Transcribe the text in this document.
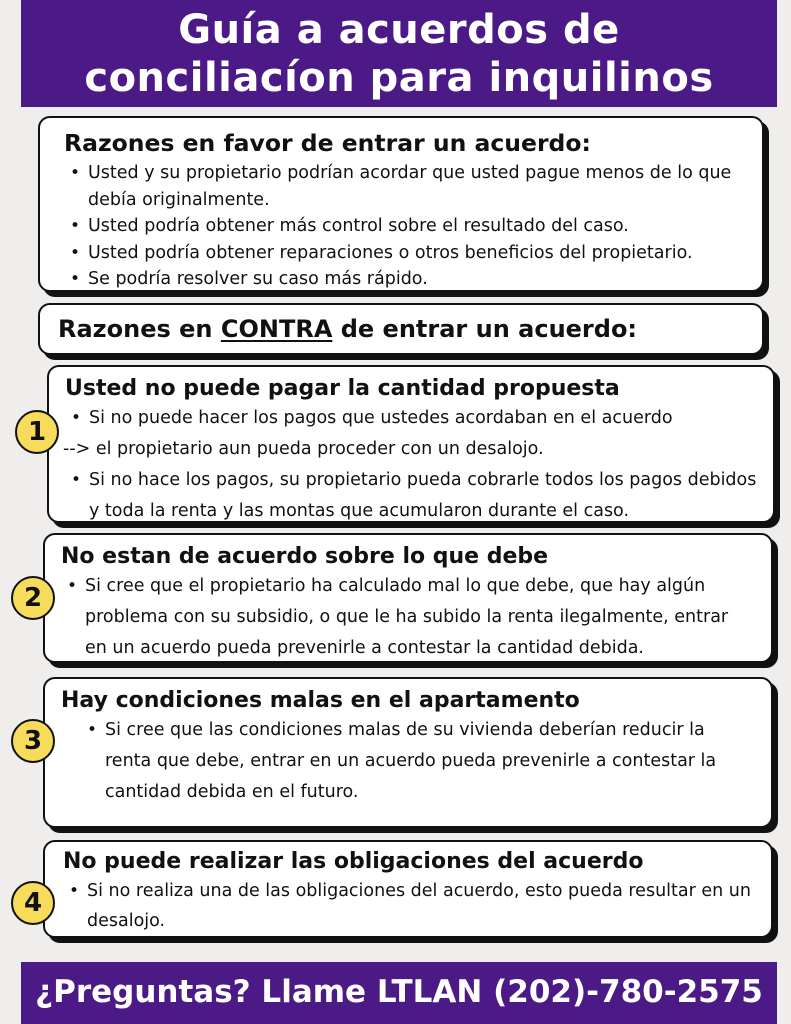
Guía a acuerdos de
conciliacíon para inquilinos
Razones en favor de entrar un acuerdo:
• Usted y su propietario podrían acordar que usted pague menos de lo que debía originalmente.
• Usted podría obtener más control sobre el resultado del caso.
• Usted podría obtener reparaciones o otros beneficios del propietario.
• Se podría resolver su caso más rápido.
Razones en CONTRA de entrar un acuerdo:
Usted no puede pagar la cantidad propuesta
• Si no puede hacer los pagos que ustedes acordaban en el acuerdo
--> el propietario aun pueda proceder con un desalojo.
• Si no hace los pagos, su propietario pueda cobrarle todos los pagos debidos y toda la renta y las montas que acumularon durante el caso.
1
No estan de acuerdo sobre lo que debe
• Si cree que el propietario ha calculado mal lo que debe, que hay algún problema con su subsidio, o que le ha subido la renta ilegalmente, entrar en un acuerdo pueda prevenirle a contestar la cantidad debida.
2
Hay condiciones malas en el apartamento
• Si cree que las condiciones malas de su vivienda deberían reducir la renta que debe, entrar en un acuerdo pueda prevenirle a contestar la cantidad debida en el futuro.
3
No puede realizar las obligaciones del acuerdo
• Si no realiza una de las obligaciones del acuerdo, esto pueda resultar en un desalojo.
4
¿Preguntas? Llame LTLAN (202)-780-2575
